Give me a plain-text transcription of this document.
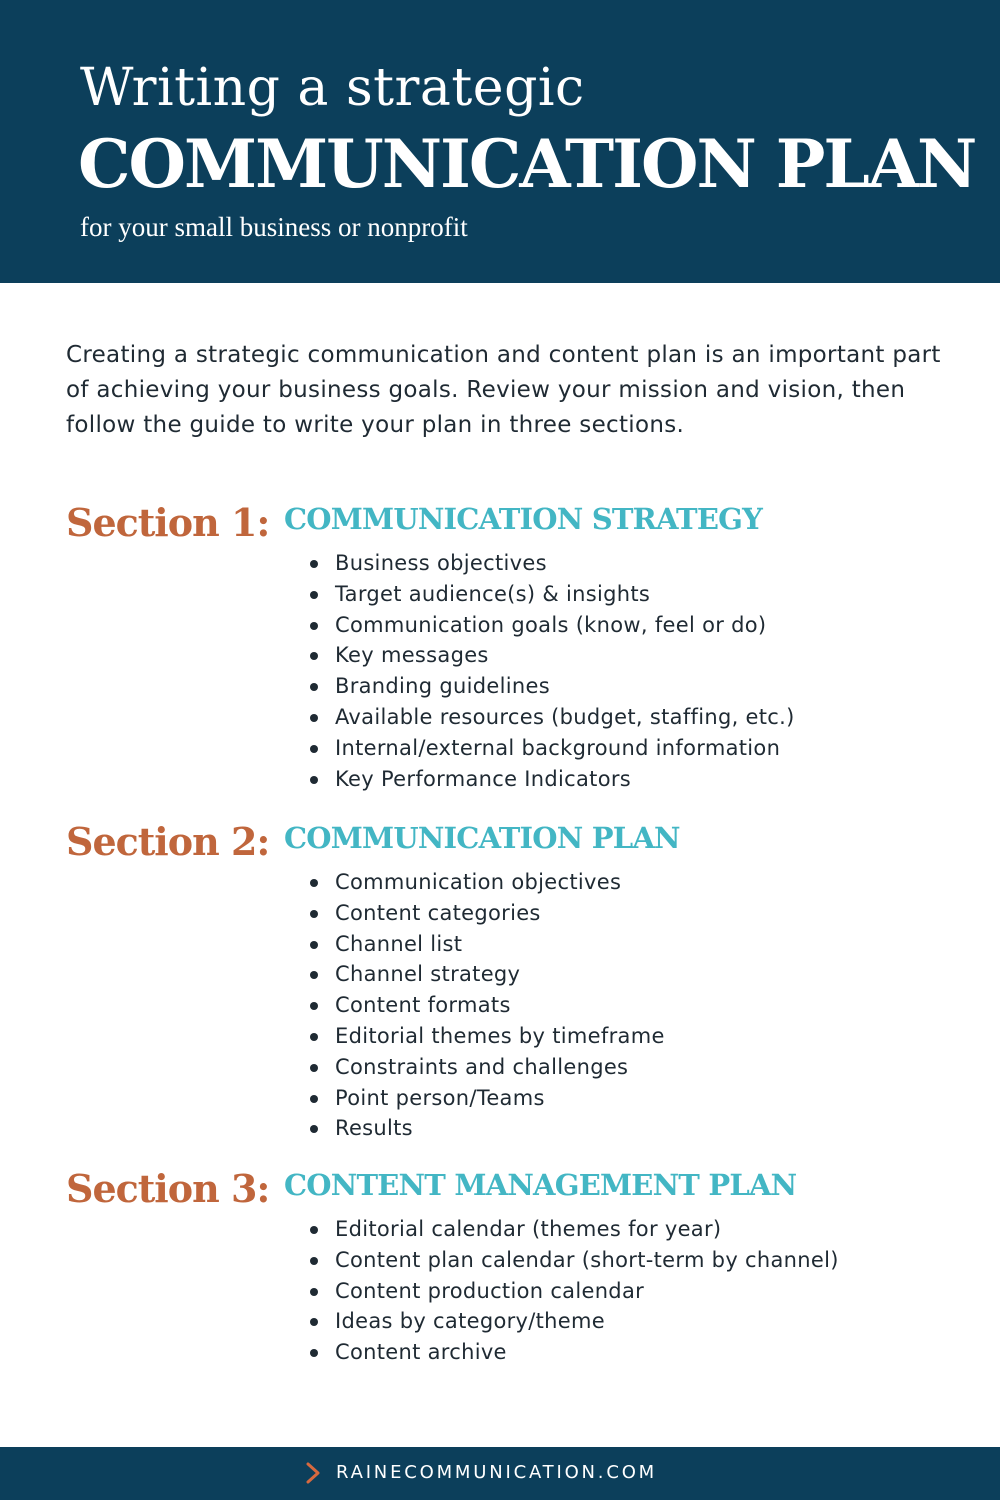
Writing a strategic
COMMUNICATION PLAN
for your small business or nonprofit

Creating a strategic communication and content plan is an important part of achieving your business goals. Review your mission and vision, then follow the guide to write your plan in three sections.

Section 1: COMMUNICATION STRATEGY
Business objectives
Target audience(s) & insights
Communication goals (know, feel or do)
Key messages
Branding guidelines
Available resources (budget, staffing, etc.)
Internal/external background information
Key Performance Indicators
Section 2: COMMUNICATION PLAN
Communication objectives
Content categories
Channel list
Channel strategy
Content formats
Editorial themes by timeframe
Constraints and challenges
Point person/Teams
Results
Section 3: CONTENT MANAGEMENT PLAN
Editorial calendar (themes for year)
Content plan calendar (short-term by channel)
Content production calendar
Ideas by category/theme
Content archive
RAINECOMMUNICATION.COM
